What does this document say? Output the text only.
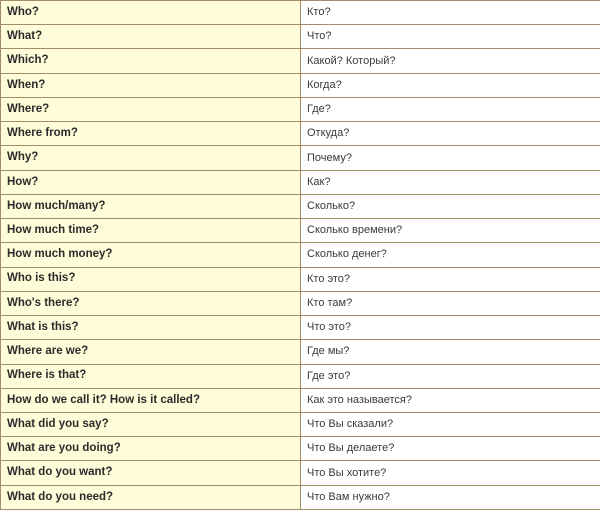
Who?	Кто?
What?	Что?
Which?	Какой? Который?
When?	Когда?
Where?	Где?
Where from?	Откуда?
Why?	Почему?
How?	Как?
How much/many?	Сколько?
How much time?	Сколько времени?
How much money?	Сколько денег?
Who is this?	Кто это?
Who's there?	Кто там?
What is this?	Что это?
Where are we?	Где мы?
Where is that?	Где это?
How do we call it? How is it called?	Как это называется?
What did you say?	Что Вы сказали?
What are you doing?	Что Вы делаете?
What do you want?	Что Вы хотите?
What do you need?	Что Вам нужно?
